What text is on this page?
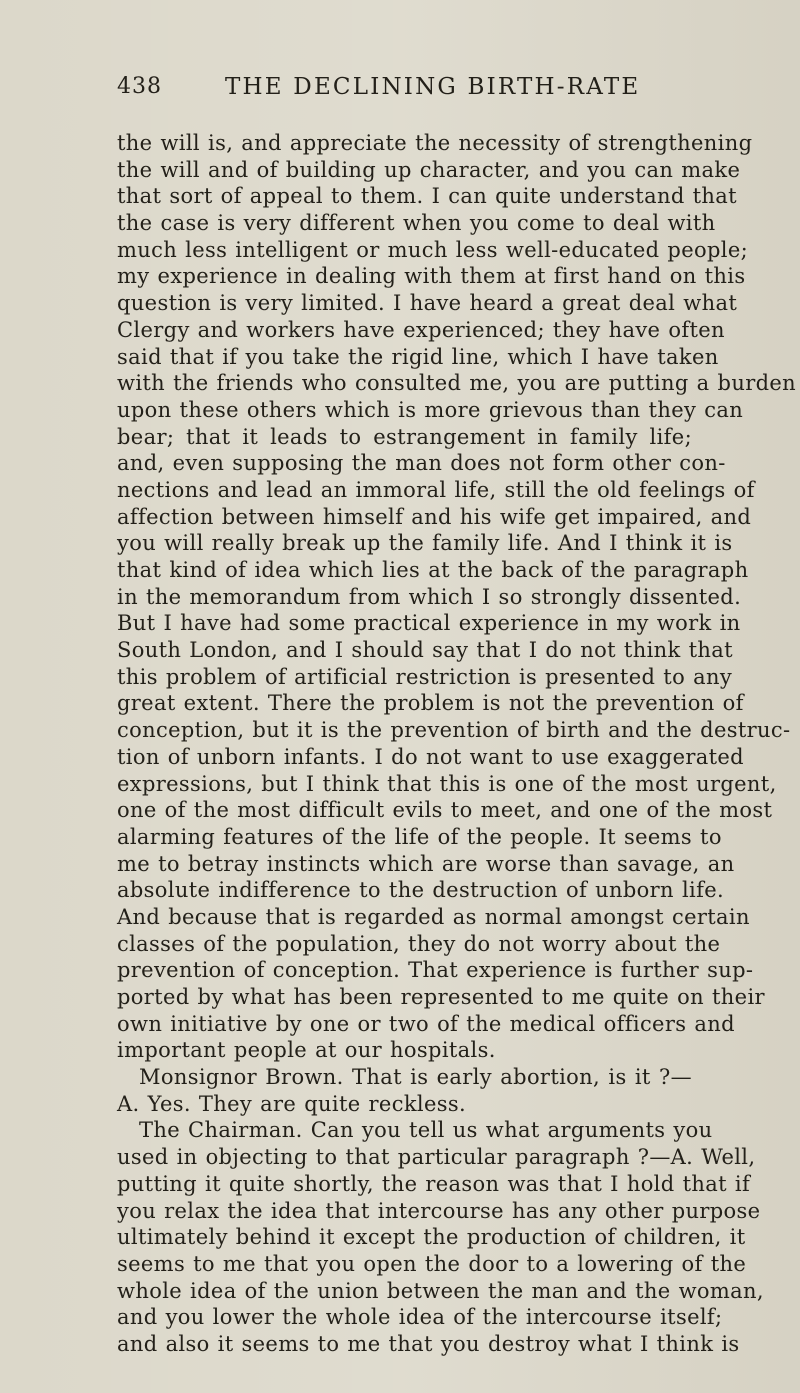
438	THE DECLINING BIRTH-RATE
the will is, and appreciate the necessity of strengthening
the will and of building up character, and you can make
that sort of appeal to them. I can quite understand that
the case is very different when you come to deal with
much less intelligent or much less well-educated people;
my experience in dealing with them at first hand on this
question is very limited. I have heard a great deal what
Clergy and workers have experienced; they have often
said that if you take the rigid line, which I have taken
with the friends who consulted me, you are putting a burden
upon these others which is more grievous than they can
bear; that it leads to estrangement in family life;
and, even supposing the man does not form other con-
nections and lead an immoral life, still the old feelings of
affection between himself and his wife get impaired, and
you will really break up the family life. And I think it is
that kind of idea which lies at the back of the paragraph
in the memorandum from which I so strongly dissented.
But I have had some practical experience in my work in
South London, and I should say that I do not think that
this problem of artificial restriction is presented to any
great extent. There the problem is not the prevention of
conception, but it is the prevention of birth and the destruc-
tion of unborn infants. I do not want to use exaggerated
expressions, but I think that this is one of the most urgent,
one of the most difficult evils to meet, and one of the most
alarming features of the life of the people. It seems to
me to betray instincts which are worse than savage, an
absolute indifference to the destruction of unborn life.
And because that is regarded as normal amongst certain
classes of the population, they do not worry about the
prevention of conception. That experience is further sup-
ported by what has been represented to me quite on their
own initiative by one or two of the medical officers and
important people at our hospitals.
Monsignor Brown. That is early abortion, is it ?—
A. Yes. They are quite reckless.
The Chairman. Can you tell us what arguments you
used in objecting to that particular paragraph ?—A. Well,
putting it quite shortly, the reason was that I hold that if
you relax the idea that intercourse has any other purpose
ultimately behind it except the production of children, it
seems to me that you open the door to a lowering of the
whole idea of the union between the man and the woman,
and you lower the whole idea of the intercourse itself;
and also it seems to me that you destroy what I think is
